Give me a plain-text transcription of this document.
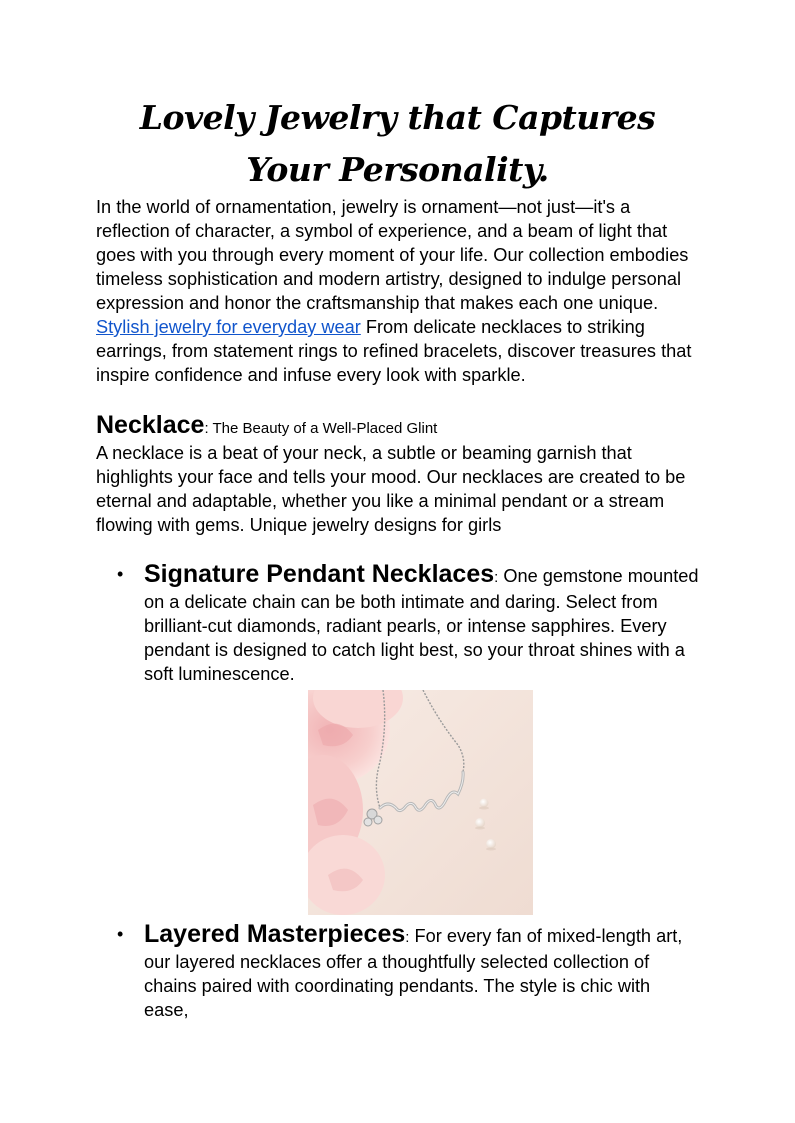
Lovely Jewelry that Captures Your Personality.

In the world of ornamentation, jewelry is ornament—not just—it's a reflection of character, a symbol of experience, and a beam of light that goes with you through every moment of your life. Our collection embodies timeless sophistication and modern artistry, designed to indulge personal expression and honor the craftsmanship that makes each one unique. Stylish jewelry for everyday wear From delicate necklaces to striking earrings, from statement rings to refined bracelets, discover treasures that inspire confidence and infuse every look with sparkle.

Necklace: The Beauty of a Well-Placed Glint

A necklace is a beat of your neck, a subtle or beaming garnish that highlights your face and tells your mood. Our necklaces are created to be eternal and adaptable, whether you like a minimal pendant or a stream flowing with gems. Unique jewelry designs for girls

• Signature Pendant Necklaces: One gemstone mounted on a delicate chain can be both intimate and daring. Select from brilliant-cut diamonds, radiant pearls, or intense sapphires. Every pendant is designed to catch light best, so your throat shines with a soft luminescence.

• Layered Masterpieces: For every fan of mixed-length art, our layered necklaces offer a thoughtfully selected collection of chains paired with coordinating pendants. The style is chic with ease,
